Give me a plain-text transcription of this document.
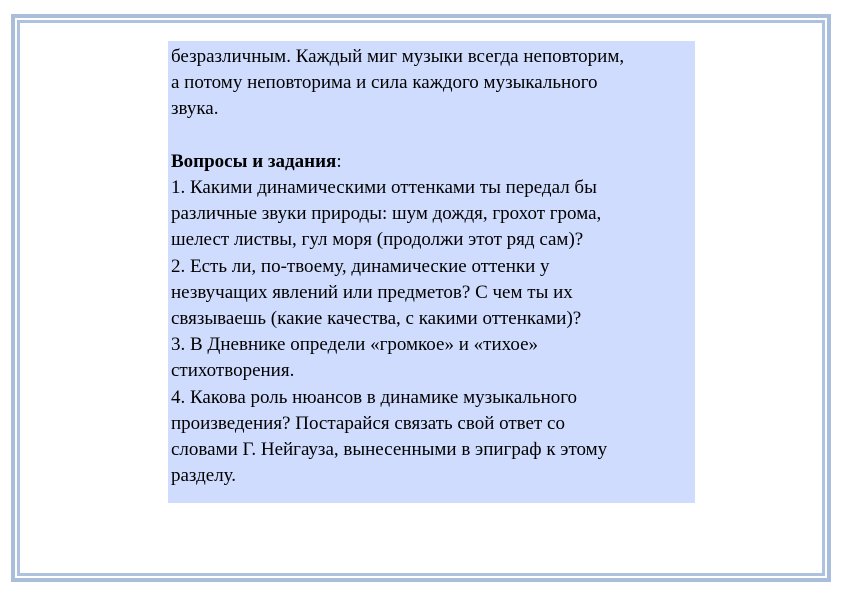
безразличным. Каждый миг музыки всегда неповторим,
а потому неповторима и сила каждого музыкального
звука.
Вопросы и задания:
1. Какими динамическими оттенками ты передал бы
различные звуки природы: шум дождя, грохот грома,
шелест листвы, гул моря (продолжи этот ряд сам)?
2. Есть ли, по-твоему, динамические оттенки у
незвучащих явлений или предметов? С чем ты их
связываешь (какие качества, с какими оттенками)?
3. В Дневнике определи «громкое» и «тихое»
стихотворения.
4. Какова роль нюансов в динамике музыкального
произведения? Постарайся связать свой ответ со
словами Г. Нейгауза, вынесенными в эпиграф к этому
разделу.
